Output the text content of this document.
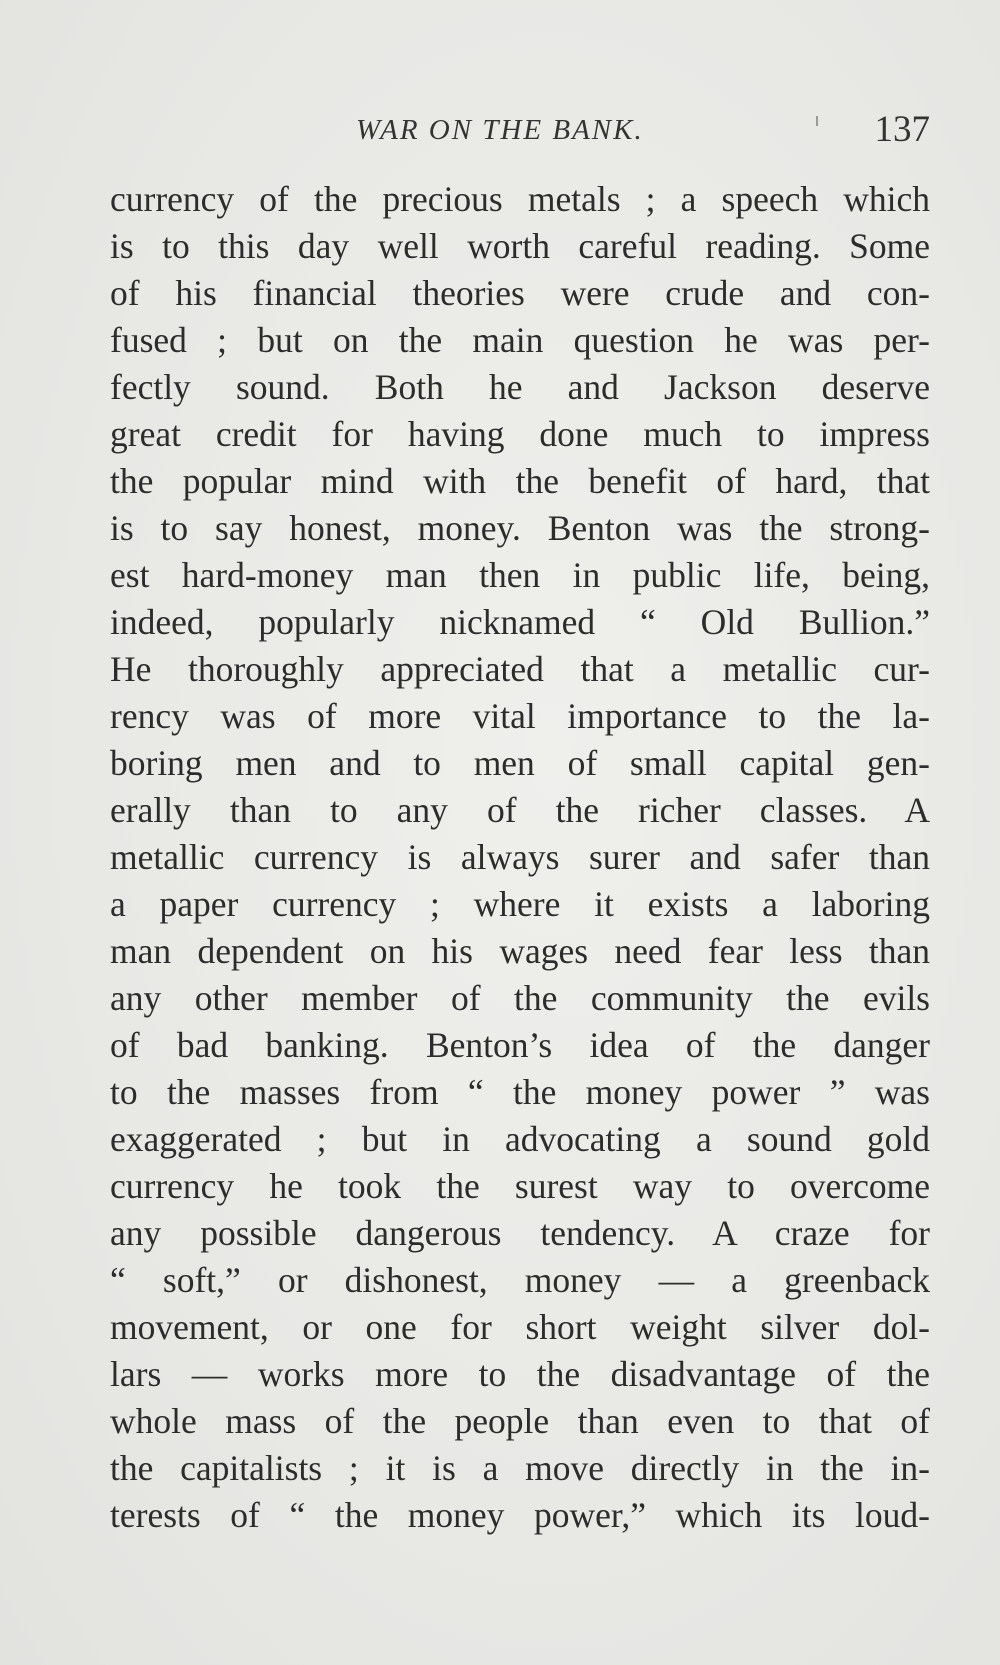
WAR ON THE BANK.	137
currency of the precious metals ; a speech which
is to this day well worth careful reading. Some
of his financial theories were crude and con-
fused ; but on the main question he was per-
fectly sound. Both he and Jackson deserve
great credit for having done much to impress
the popular mind with the benefit of hard, that
is to say honest, money. Benton was the strong-
est hard-money man then in public life, being,
indeed, popularly nicknamed “ Old Bullion.”
He thoroughly appreciated that a metallic cur-
rency was of more vital importance to the la-
boring men and to men of small capital gen-
erally than to any of the richer classes. A
metallic currency is always surer and safer than
a paper currency ; where it exists a laboring
man dependent on his wages need fear less than
any other member of the community the evils
of bad banking. Benton’s idea of the danger
to the masses from “ the money power ” was
exaggerated ; but in advocating a sound gold
currency he took the surest way to overcome
any possible dangerous tendency. A craze for
“ soft,” or dishonest, money — a greenback
movement, or one for short weight silver dol-
lars — works more to the disadvantage of the
whole mass of the people than even to that of
the capitalists ; it is a move directly in the in-
terests of “ the money power,” which its loud-
